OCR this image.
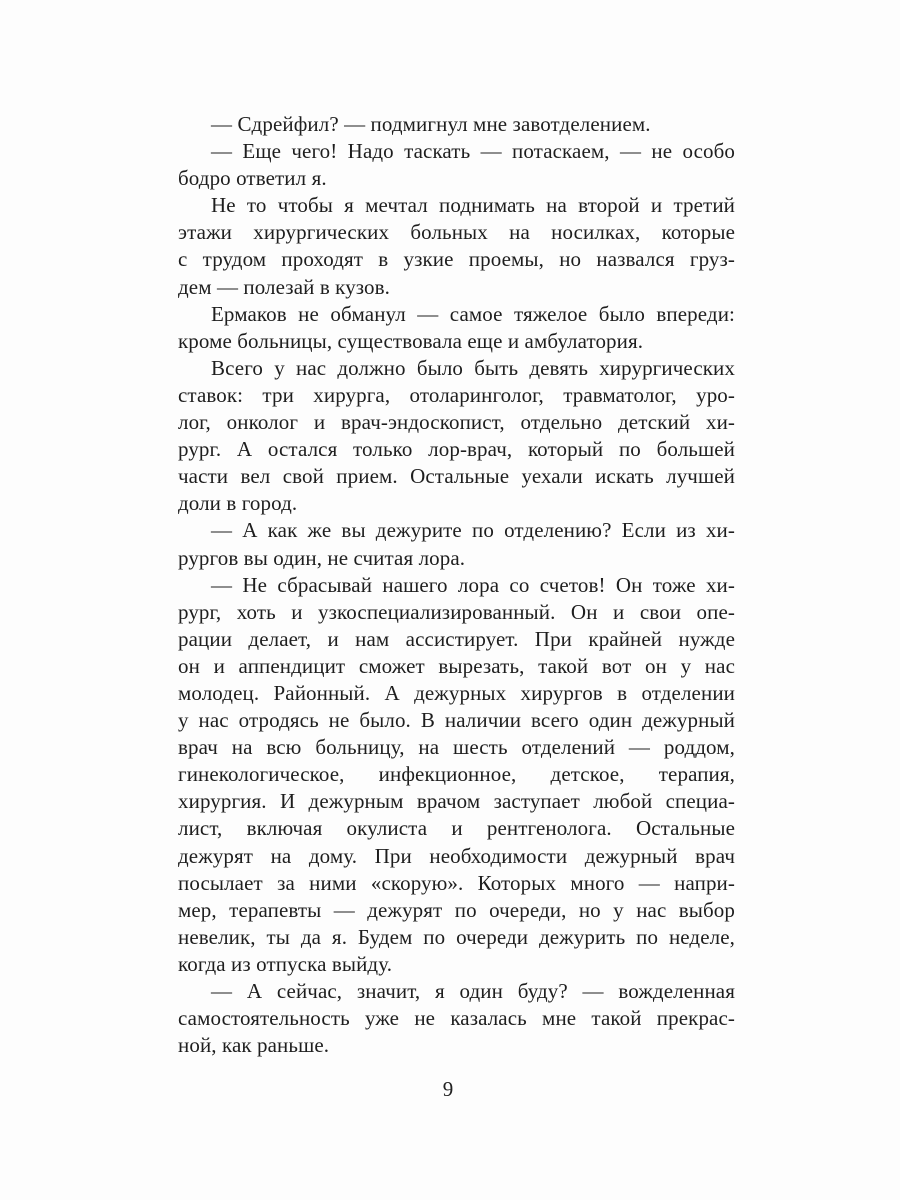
— Сдрейфил? — подмигнул мне завотделением.
— Еще чего! Надо таскать — потаскаем, — не особо
бодро ответил я.
Не то чтобы я мечтал поднимать на второй и третий
этажи хирургических больных на носилках, которые
с трудом проходят в узкие проемы, но назвался груз-
дем — полезай в кузов.
Ермаков не обманул — самое тяжелое было впереди:
кроме больницы, существовала еще и амбулатория.
Всего у нас должно было быть девять хирургических
ставок: три хирурга, отоларинголог, травматолог, уро-
лог, онколог и врач-эндоскопист, отдельно детский хи-
рург. А остался только лор-врач, который по большей
части вел свой прием. Остальные уехали искать лучшей
доли в город.
— А как же вы дежурите по отделению? Если из хи-
рургов вы один, не считая лора.
— Не сбрасывай нашего лора со счетов! Он тоже хи-
рург, хоть и узкоспециализированный. Он и свои опе-
рации делает, и нам ассистирует. При крайней нужде
он и аппендицит сможет вырезать, такой вот он у нас
молодец. Районный. А дежурных хирургов в отделении
у нас отродясь не было. В наличии всего один дежурный
врач на всю больницу, на шесть отделений — роддом,
гинекологическое, инфекционное, детское, терапия,
хирургия. И дежурным врачом заступает любой специа-
лист, включая окулиста и рентгенолога. Остальные
дежурят на дому. При необходимости дежурный врач
посылает за ними «скорую». Которых много — напри-
мер, терапевты — дежурят по очереди, но у нас выбор
невелик, ты да я. Будем по очереди дежурить по неделе,
когда из отпуска выйду.
— А сейчас, значит, я один буду? — вожделенная
самостоятельность уже не казалась мне такой прекрас-
ной, как раньше.
9
